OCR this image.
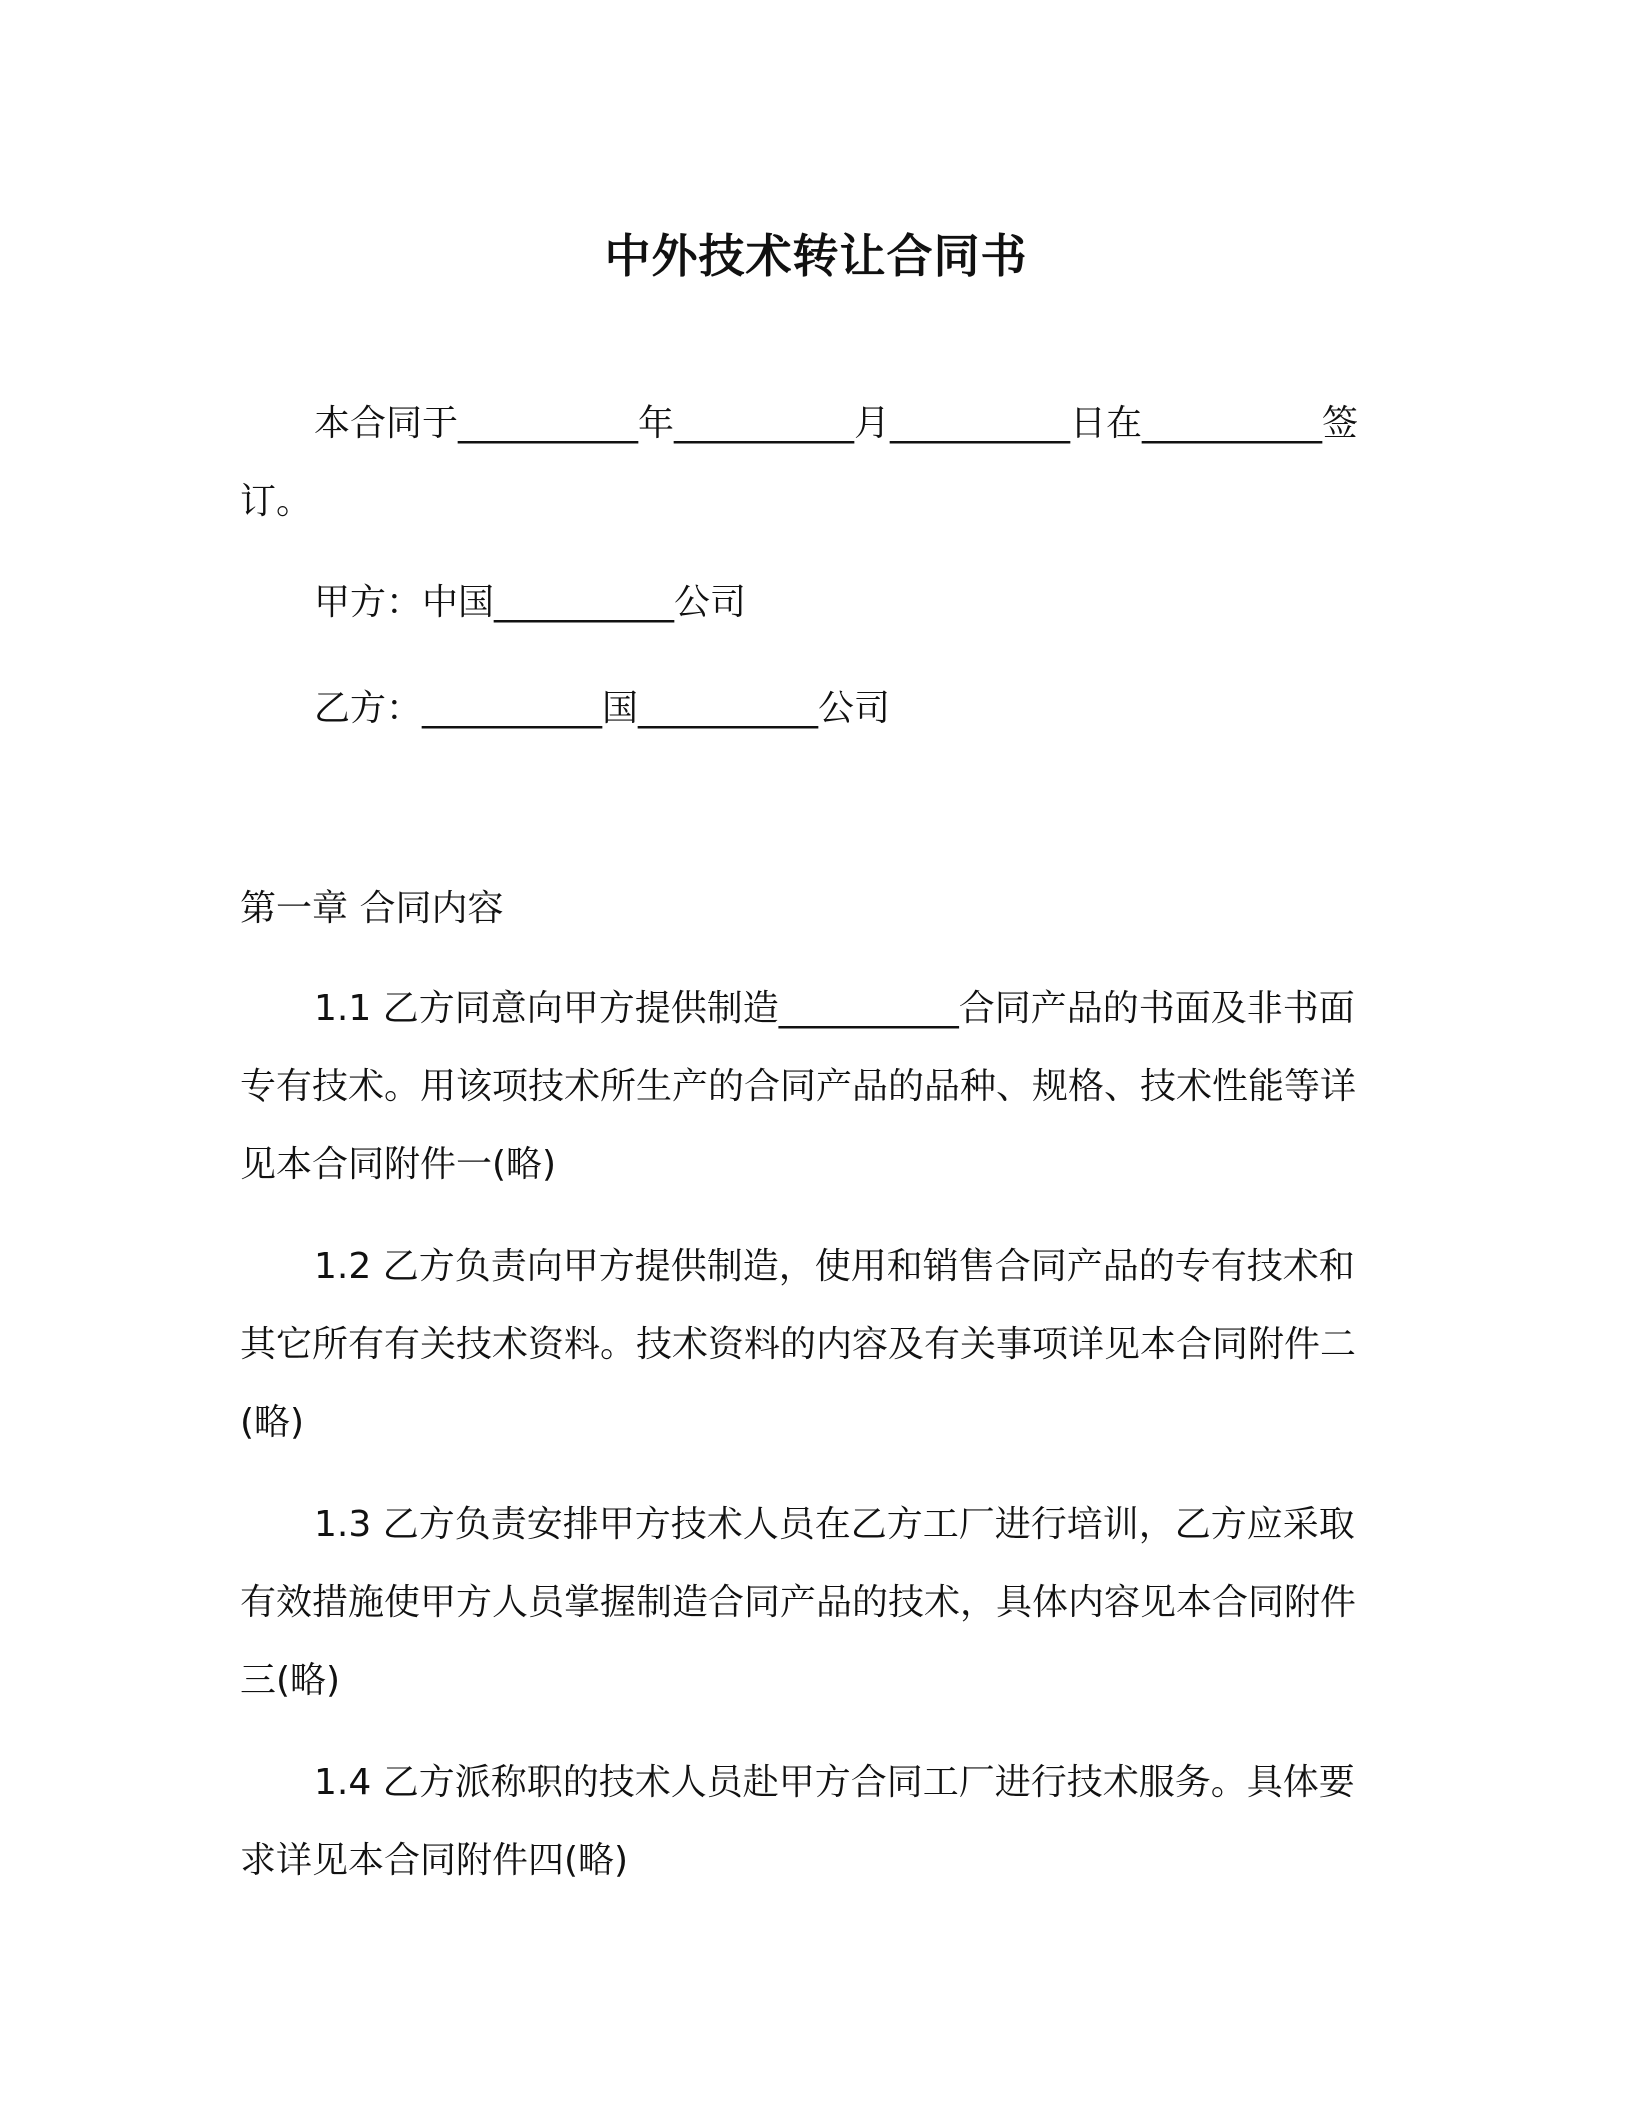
中外技术转让合同书
本合同于__________年__________月__________日在__________签订。
甲方：中国__________公司
乙方：__________国__________公司
第一章 合同内容
1.1 乙方同意向甲方提供制造__________合同产品的书面及非书面专有技术。用该项技术所生产的合同产品的品种、规格、技术性能等详见本合同附件一(略)
1.2 乙方负责向甲方提供制造，使用和销售合同产品的专有技术和其它所有有关技术资料。技术资料的内容及有关事项详见本合同附件二(略)
1.3 乙方负责安排甲方技术人员在乙方工厂进行培训，乙方应采取有效措施使甲方人员掌握制造合同产品的技术，具体内容见本合同附件三(略)
1.4 乙方派称职的技术人员赴甲方合同工厂进行技术服务。具体要求详见本合同附件四(略)
